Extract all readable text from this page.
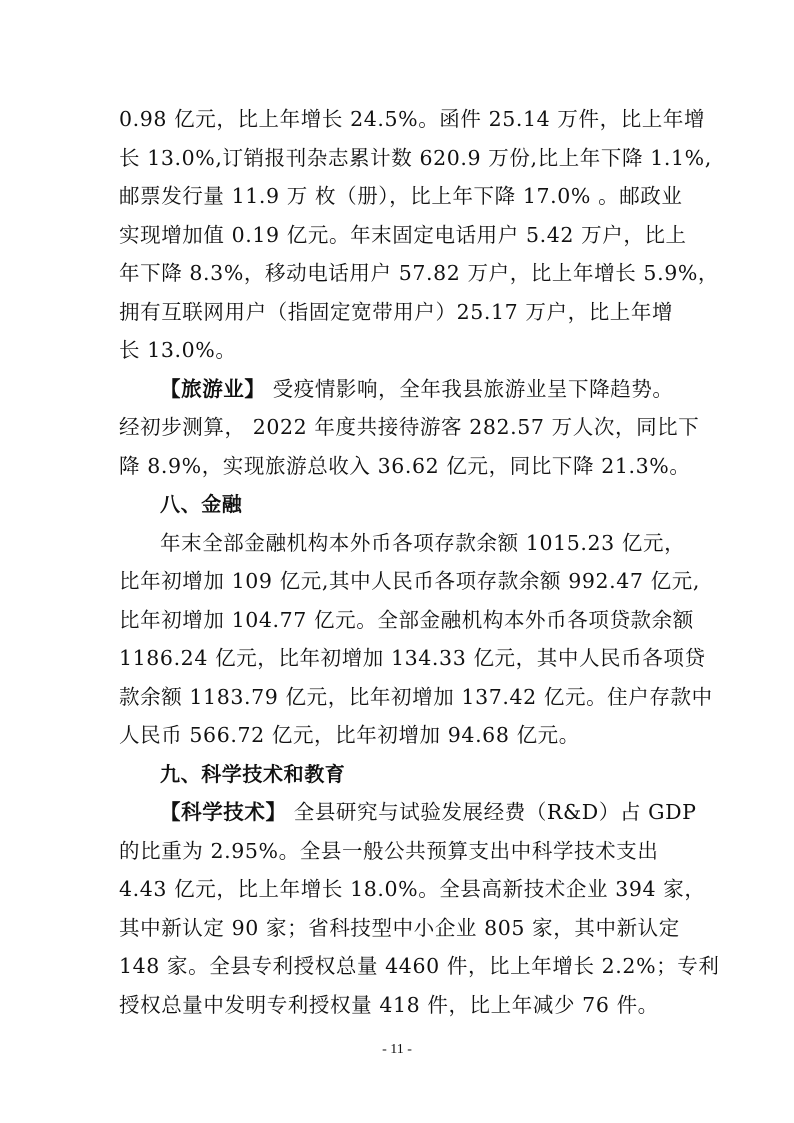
0.98 亿元，比上年增长 24.5%。函件 25.14 万件，比上年增
长 13.0%,订销报刊杂志累计数 620.9 万份,比上年下降 1.1%,
邮票发行量 11.9 万 枚（册），比上年下降 17.0% 。邮政业
实现增加值 0.19 亿元。年末固定电话用户 5.42 万户，比上
年下降 8.3%，移动电话用户 57.82 万户，比上年增长 5.9%，
拥有互联网用户（指固定宽带用户）25.17 万户，比上年增
长 13.0%。
【旅游业】 受疫情影响，全年我县旅游业呈下降趋势。
经初步测算， 2022 年度共接待游客 282.57 万人次，同比下
降 8.9%，实现旅游总收入 36.62 亿元，同比下降 21.3%。
八、金融
年末全部金融机构本外币各项存款余额 1015.23 亿元，
比年初增加 109 亿元,其中人民币各项存款余额 992.47 亿元,
比年初增加 104.77 亿元。全部金融机构本外币各项贷款余额
1186.24 亿元，比年初增加 134.33 亿元，其中人民币各项贷
款余额 1183.79 亿元，比年初增加 137.42 亿元。住户存款中
人民币 566.72 亿元，比年初增加 94.68 亿元。
九、科学技术和教育
【科学技术】 全县研究与试验发展经费（R&D）占 GDP
的比重为 2.95%。全县一般公共预算支出中科学技术支出
4.43 亿元，比上年增长 18.0%。全县高新技术企业 394 家，
其中新认定 90 家；省科技型中小企业 805 家，其中新认定
148 家。全县专利授权总量 4460 件，比上年增长 2.2%；专利
授权总量中发明专利授权量 418 件，比上年减少 76 件。
- 11 -
